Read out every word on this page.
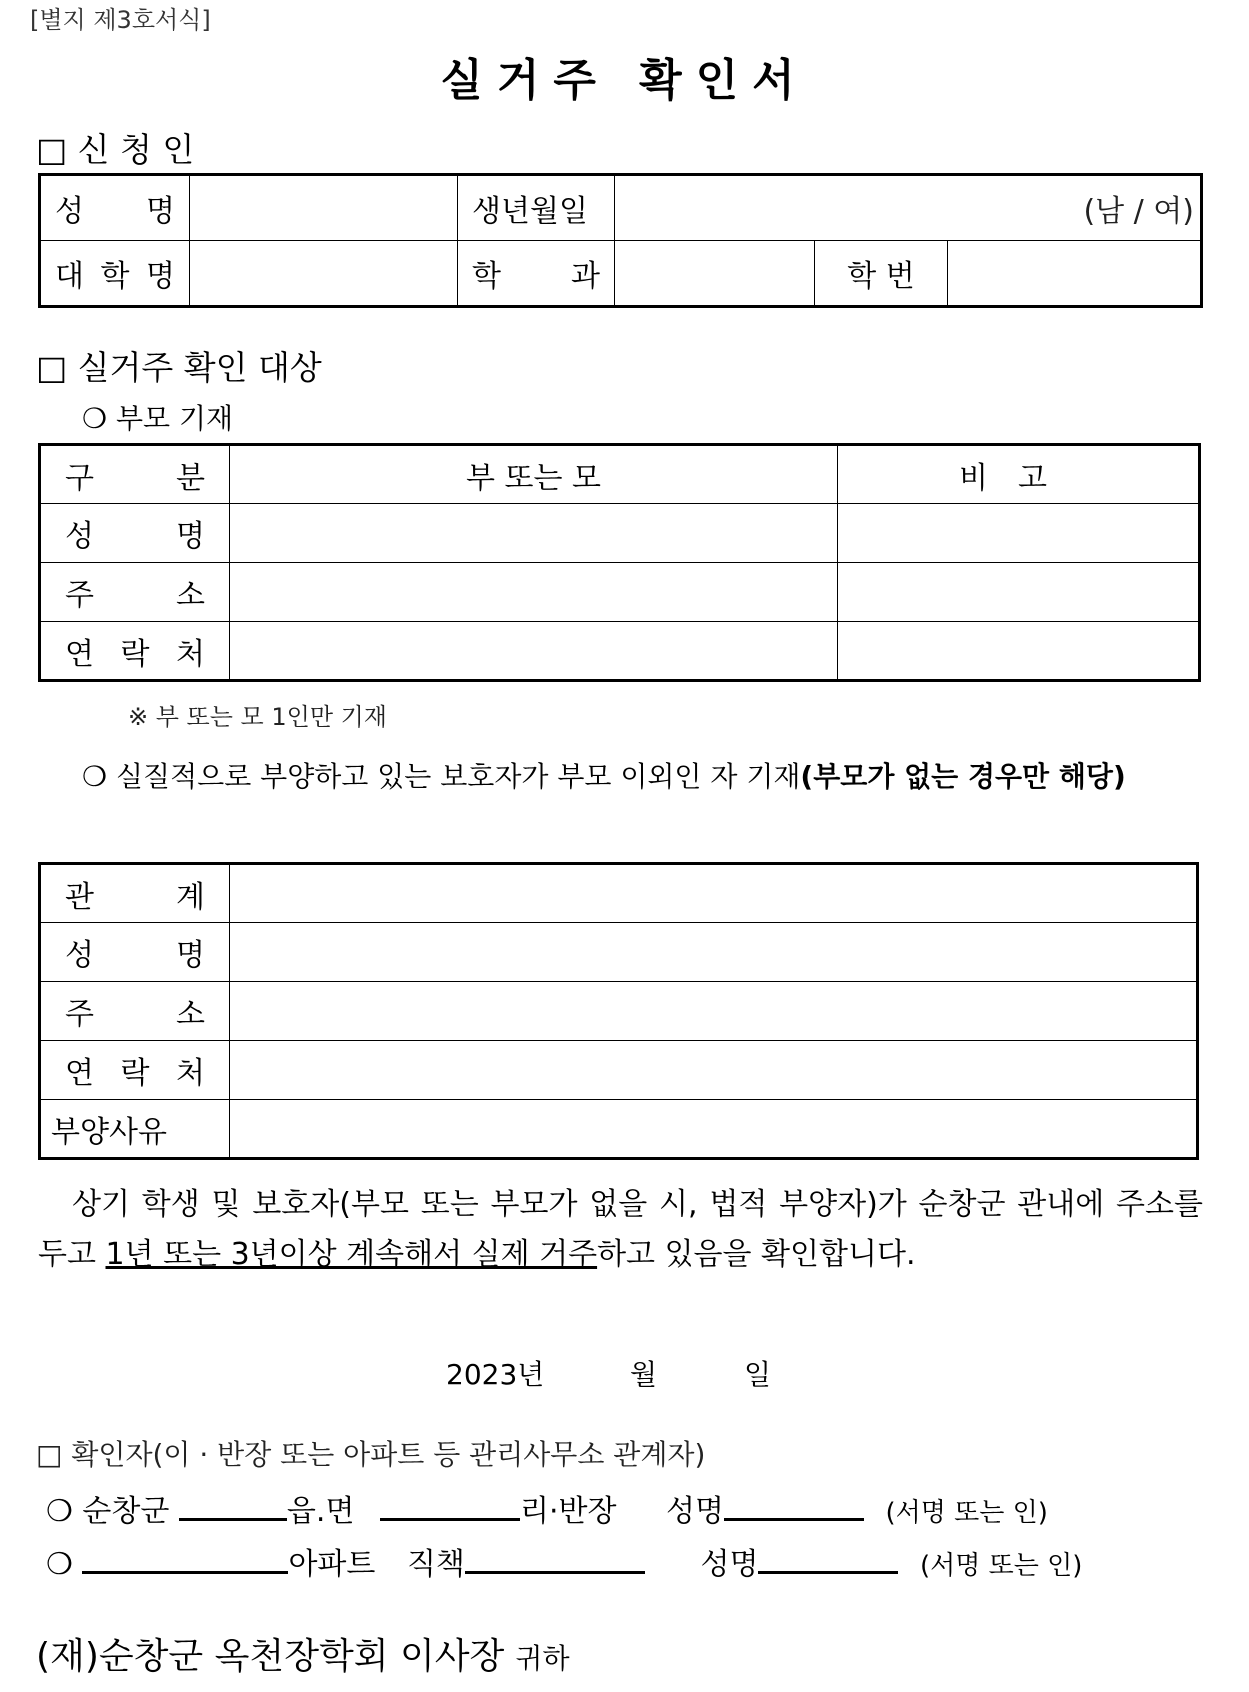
[별지 제3호서식]
실거주 확인서
□ 신 청 인
성 명		생년월일	(남 / 여)		

대 학 명		학 과		학 번	
□ 실거주 확인 대상
❍ 부모 기재
구 분	부 또는 모	비고

성 명		

주 소		

연 락 처		

※ 부 또는 모 1인만 기재
❍ 실질적으로 부양하고 있는 보호자가 부모 이외인 자 기재(부모가 없는 경우만 해당)
관 계	

성 명	

주 소	

연 락 처	

부양사유	
상기 학생 및 보호자(부모 또는 부모가 없을 시, 법적 부양자)가 순창군 관내에 주소를 두고 1년 또는 3년이상 계속해서 실제 거주하고 있음을 확인합니다.
2023년	월	일
□ 확인자(이 · 반장 또는 아파트 등 관리사무소 관계자)
❍ 순창군	읍.면	리·반장 성명	(서명 또는 인)
❍	아파트 직책	성명	(서명 또는 인)
(재)순창군 옥천장학회 이사장 귀하
